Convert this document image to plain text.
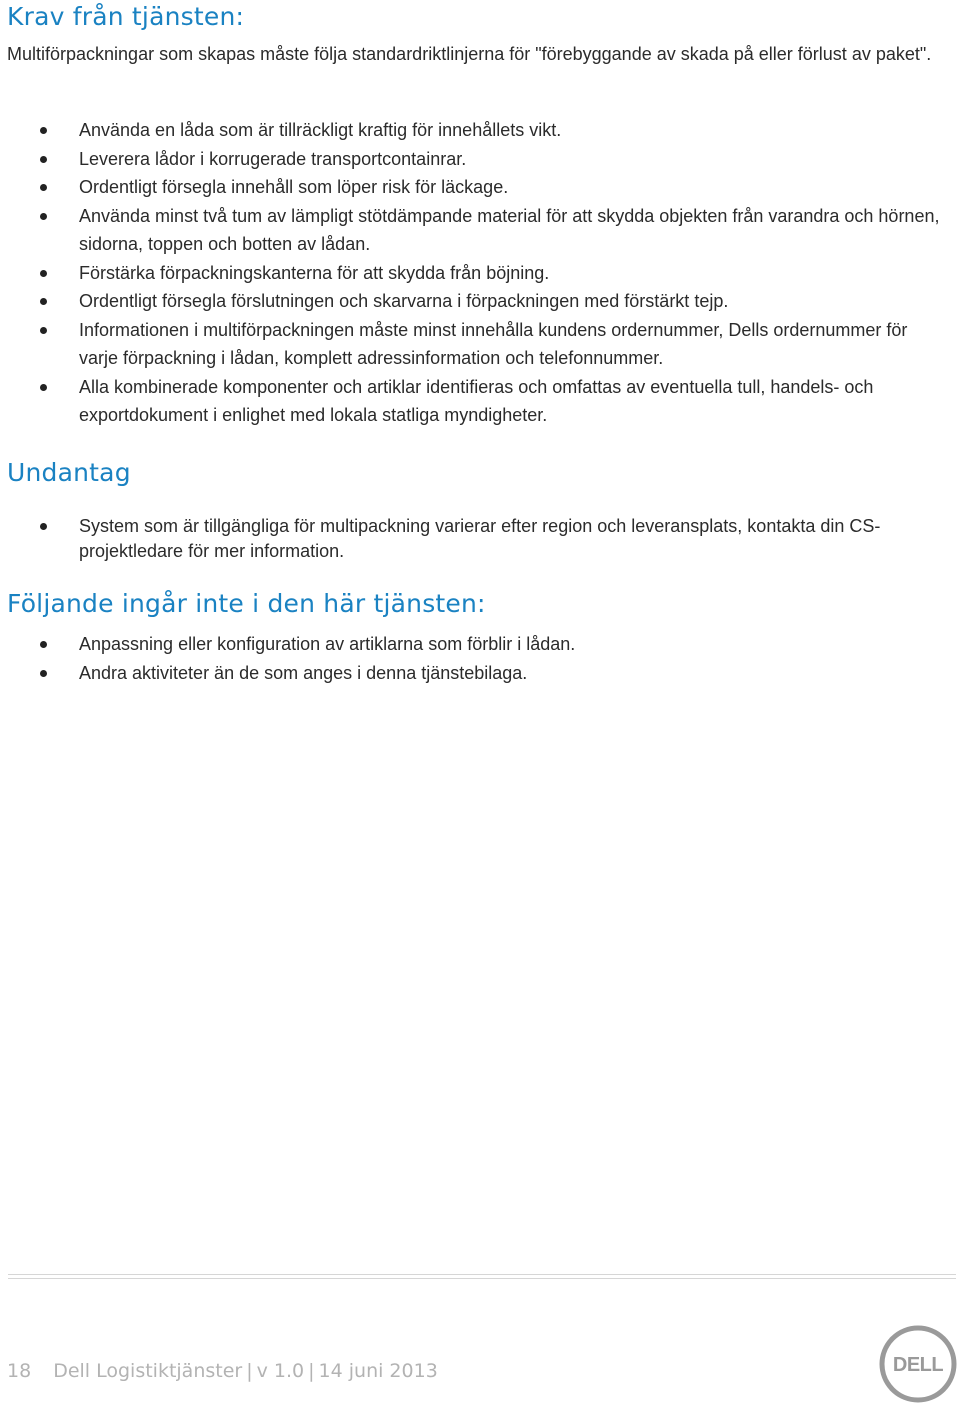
Krav från tjänsten:

Multiförpackningar som skapas måste följa standardriktlinjerna för "förebyggande av skada på eller förlust av paket".

Använda en låda som är tillräckligt kraftig för innehållets vikt.
Leverera lådor i korrugerade transportcontainrar.
Ordentligt försegla innehåll som löper risk för läckage.
Använda minst två tum av lämpligt stötdämpande material för att skydda objekten från varandra och hörnen, sidorna, toppen och botten av lådan.
Förstärka förpackningskanterna för att skydda från böjning.
Ordentligt försegla förslutningen och skarvarna i förpackningen med förstärkt tejp.
Informationen i multiförpackningen måste minst innehålla kundens ordernummer, Dells ordernummer för varje förpackning i lådan, komplett adressinformation och telefonnummer.
Alla kombinerade komponenter och artiklar identifieras och omfattas av eventuella tull, handels- och exportdokument i enlighet med lokala statliga myndigheter.
Undantag
System som är tillgängliga för multipackning varierar efter region och leveransplats, kontakta din CS-projektledare för mer information.
Följande ingår inte i den här tjänsten:
Anpassning eller konfiguration av artiklarna som förblir i lådan.
Andra aktiviteter än de som anges i denna tjänstebilaga.
18 Dell Logistiktjänster | v 1.0 | 14 juni 2013	DELL
